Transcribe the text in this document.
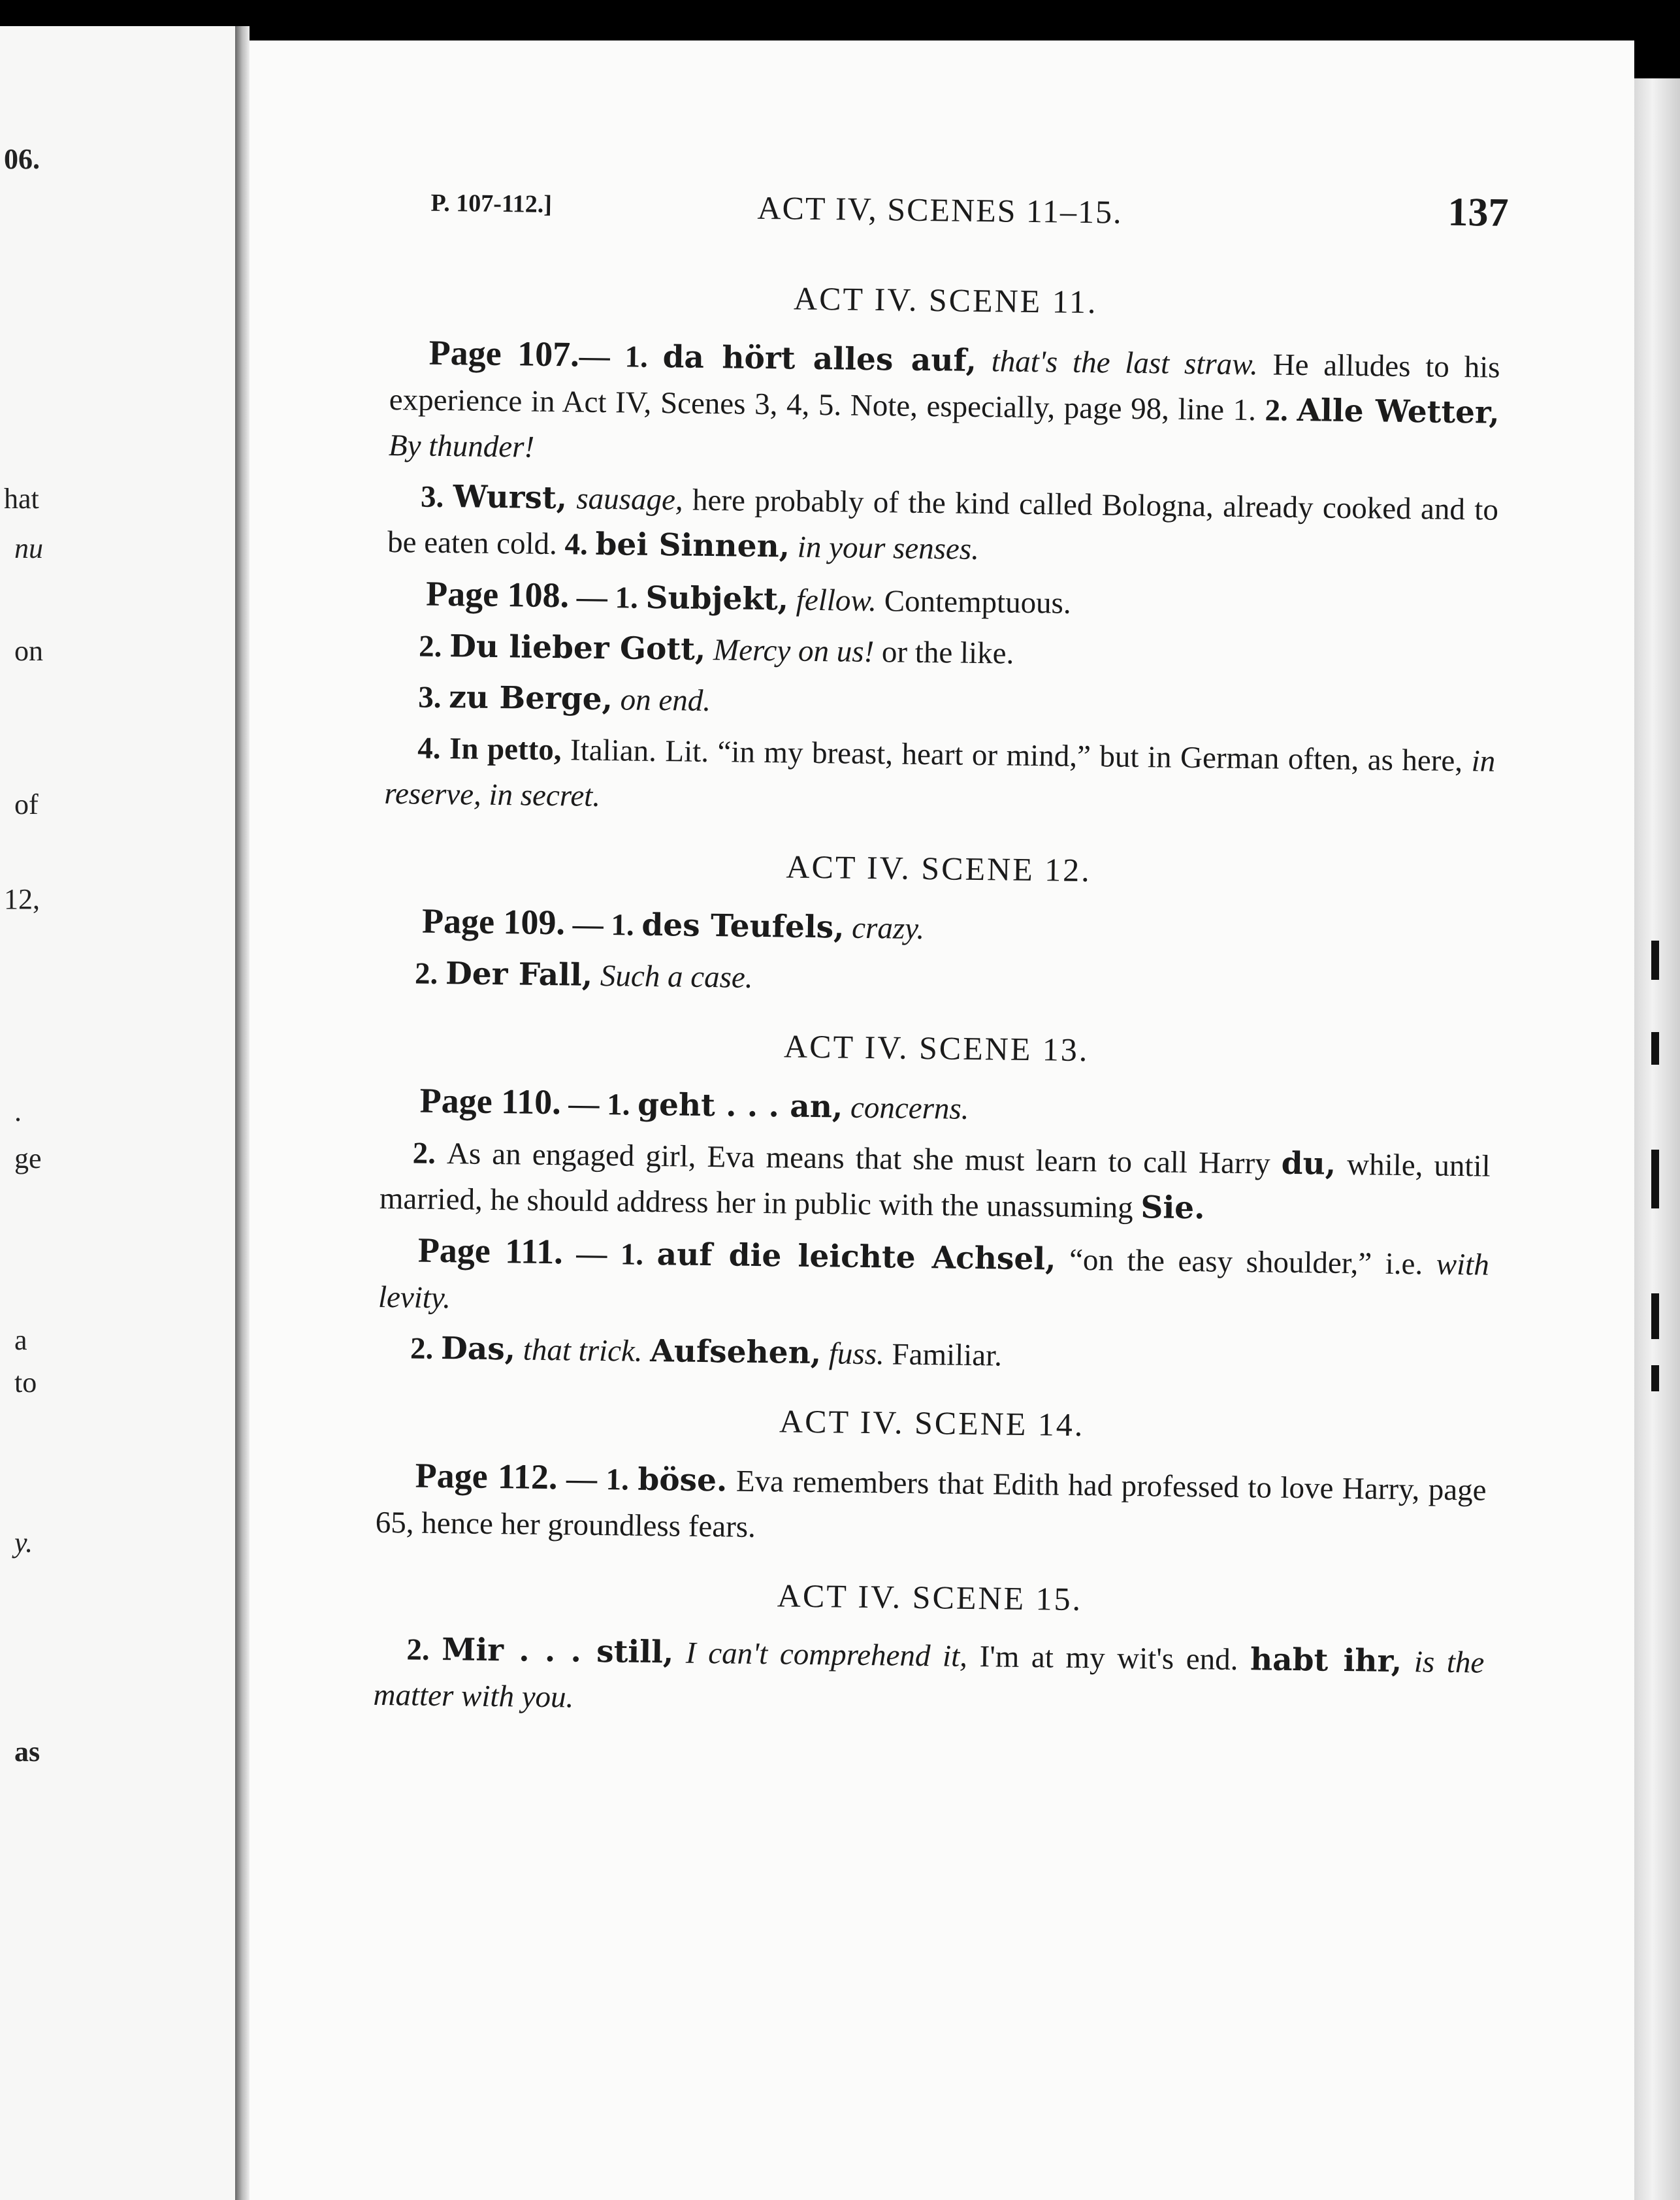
06.
hat
nu
on
of
12,
.
ge
a
to
y.
as
P. 107-112.]	ACT IV, SCENES 11–15.	137
ACT IV. SCENE 11.

Page 107.— 1. da hört alles auf, that's the last straw. He alludes to his experience in Act IV, Scenes 3, 4, 5. Note, especially, page 98, line 1. 2. Alle Wetter, By thunder!

3. Wurst, sausage, here probably of the kind called Bologna, already cooked and to be eaten cold. 4. bei Sinnen, in your senses.

Page 108. — 1. Subjekt, fellow. Contemptuous.

2. Du lieber Gott, Mercy on us! or the like.

3. zu Berge, on end.

4. In petto, Italian. Lit. “in my breast, heart or mind,” but in German often, as here, in reserve, in secret.

ACT IV. SCENE 12.

Page 109. — 1. des Teufels, crazy.

2. Der Fall, Such a case.

ACT IV. SCENE 13.

Page 110. — 1. geht . . . an, concerns.

2. As an engaged girl, Eva means that she must learn to call Harry du, while, until married, he should address her in public with the unassuming Sie.

Page 111. — 1. auf die leichte Achsel, “on the easy shoulder,” i.e. with levity.

2. Das, that trick. Aufsehen, fuss. Familiar.

ACT IV. SCENE 14.

Page 112. — 1. böse. Eva remembers that Edith had professed to love Harry, page 65, hence her groundless fears.

ACT IV. SCENE 15.

2. Mir . . . still, I can't comprehend it, I'm at my wit's end. habt ihr, is the matter with you.
